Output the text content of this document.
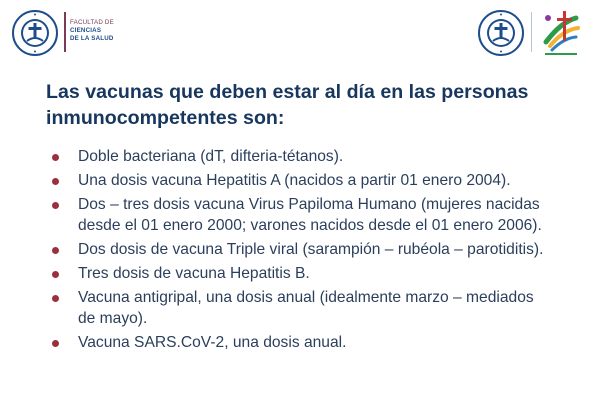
FACULTAD DE
CIENCIAS
DE LA SALUD
Las vacunas que deben estar al día en las personas inmunocompetentes son:
Doble bacteriana (dT, difteria-tétanos).
Una dosis vacuna Hepatitis A (nacidos a partir 01 enero 2004).
Dos – tres dosis vacuna Virus Papiloma Humano (mujeres nacidas desde el 01 enero 2000; varones nacidos desde el 01 enero 2006).
Dos dosis de vacuna Triple viral (sarampión – rubéola – parotiditis).
Tres dosis de vacuna Hepatitis B.
Vacuna antigripal, una dosis anual (idealmente marzo – mediados de mayo).
Vacuna SARS.CoV-2, una dosis anual.
